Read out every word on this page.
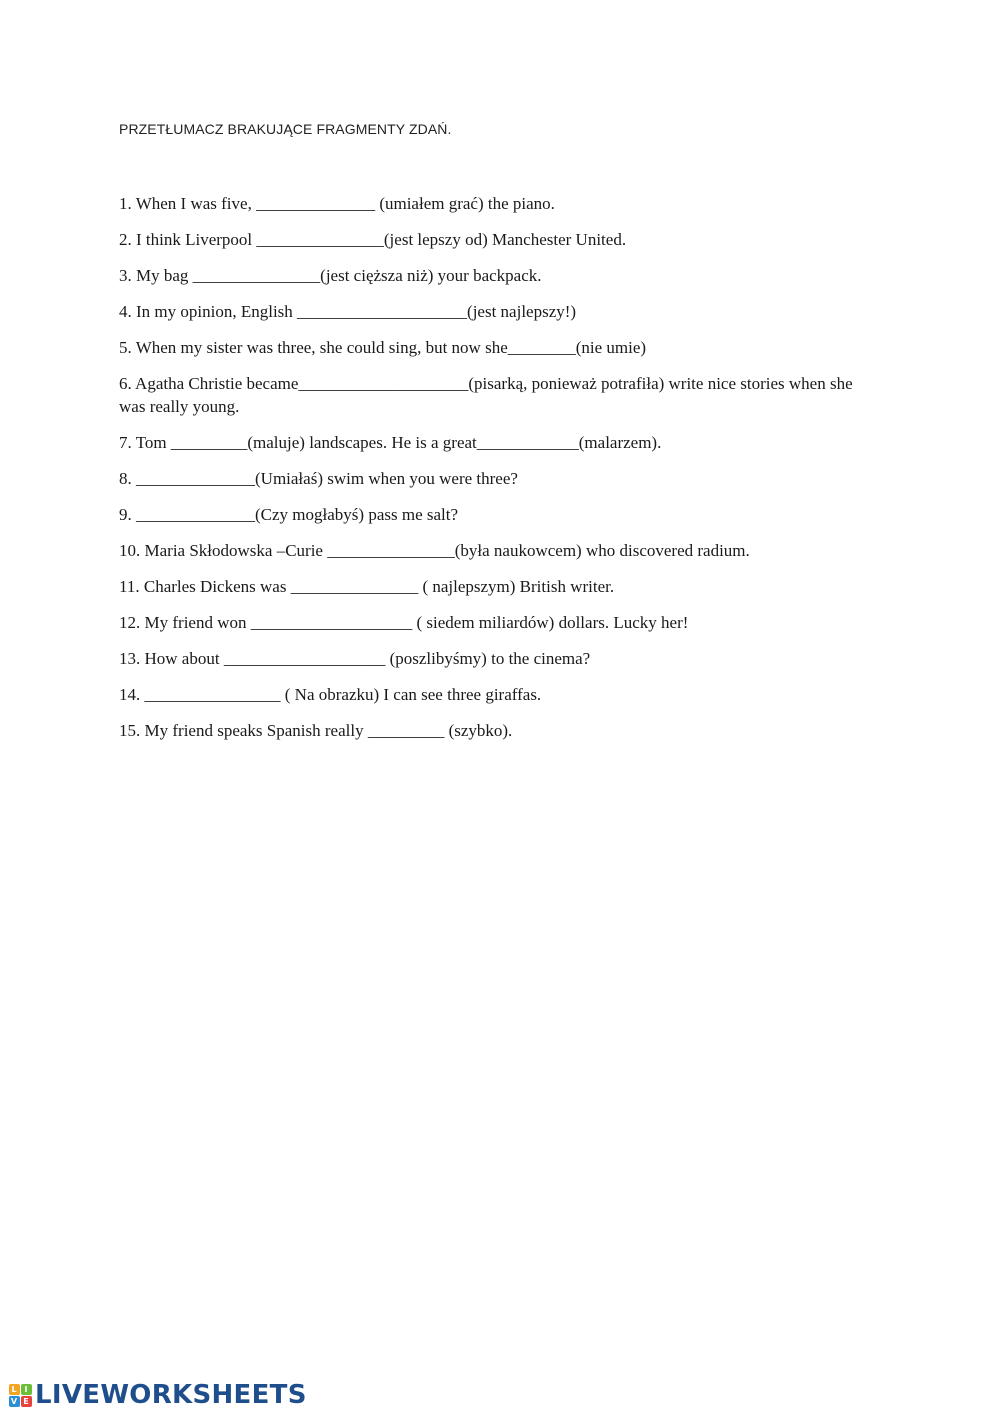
PRZETŁUMACZ BRAKUJĄCE FRAGMENTY ZDAŃ.
1. When I was five, ______________ (umiałem grać) the piano.
2. I think Liverpool _______________(jest lepszy od) Manchester United.
3. My bag _______________(jest cięższa niż) your backpack.
4. In my opinion, English ____________________(jest najlepszy!)
5. When my sister was three, she could sing, but now she________(nie umie)
6. Agatha Christie became____________________(pisarką, ponieważ potrafiła) write nice stories when she was really young.
7. Tom _________(maluje) landscapes. He is a great____________(malarzem).
8. ______________(Umiałaś) swim when you were three?
9. ______________(Czy mogłabyś) pass me salt?
10. Maria Skłodowska –Curie _______________(była naukowcem) who discovered radium.
11. Charles Dickens was _______________ ( najlepszym) British writer.
12. My friend won ___________________ ( siedem miliardów) dollars. Lucky her!
13. How about ___________________ (poszlibyśmy) to the cinema?
14. ________________ ( Na obrazku) I can see three giraffas.
15. My friend speaks Spanish really _________ (szybko).
L I
V E LIVEWORKSHEETS
